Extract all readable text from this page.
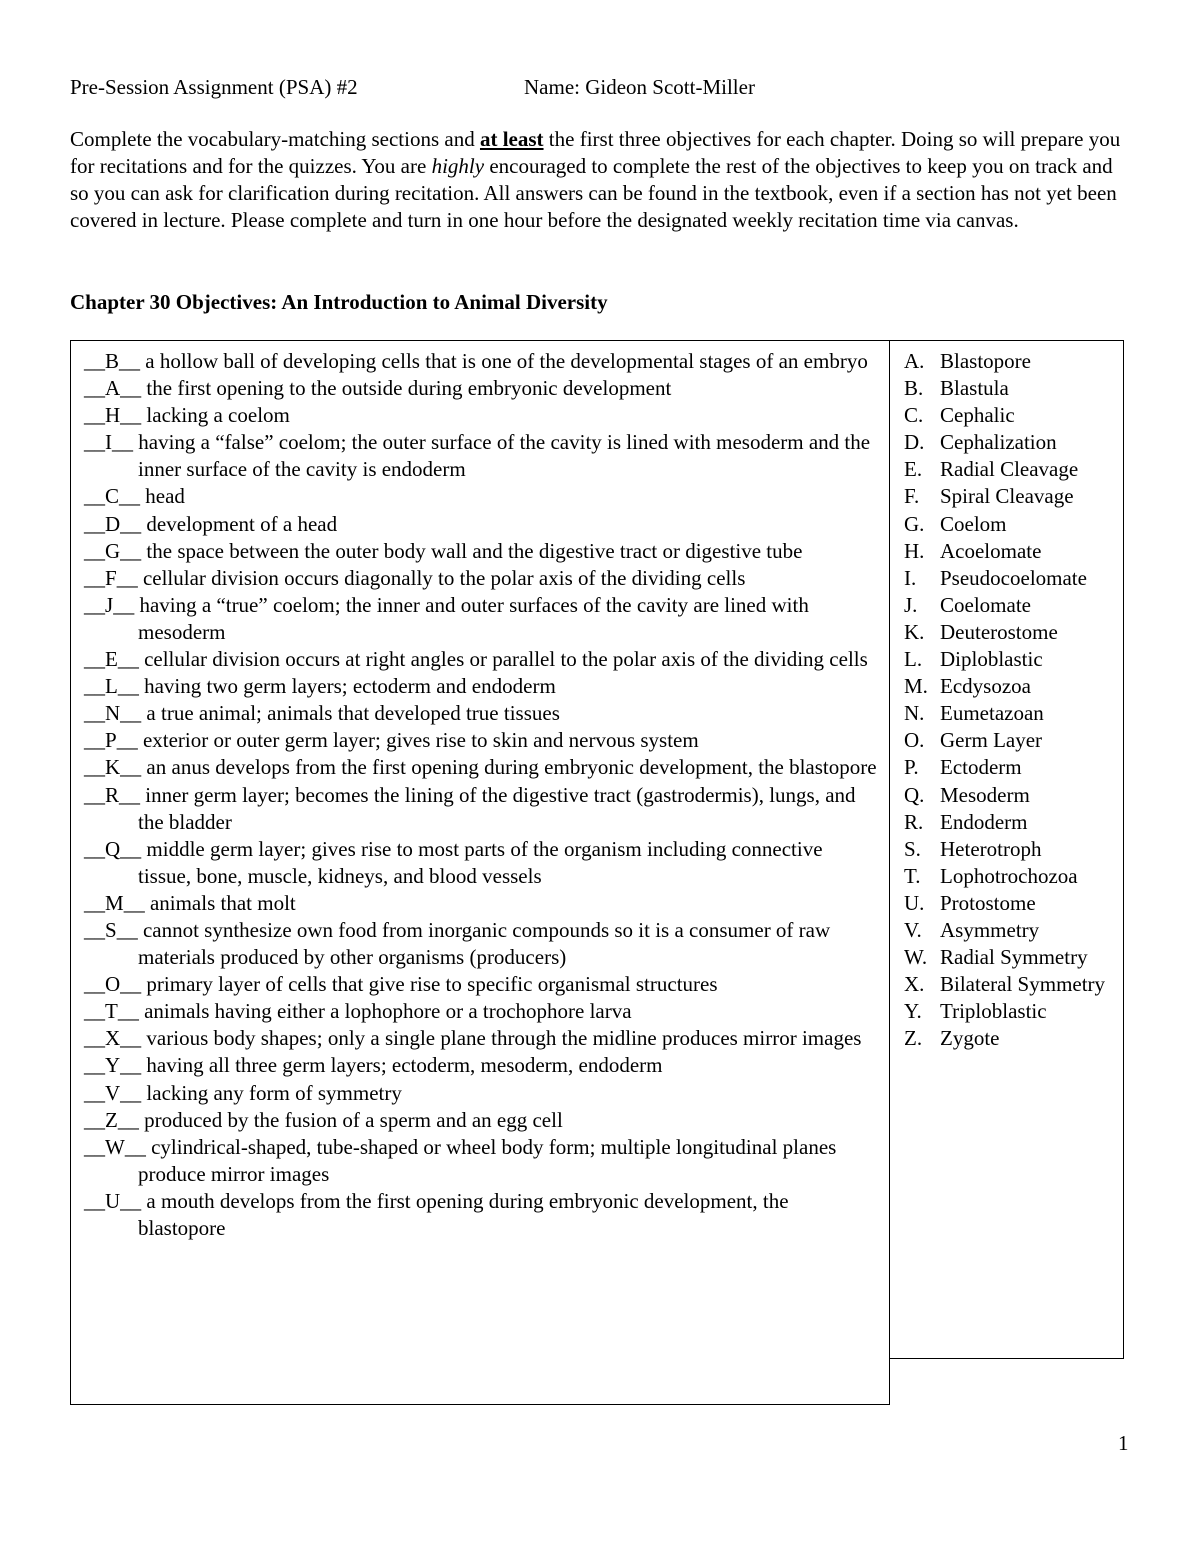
Pre-Session Assignment (PSA) #2	Name: Gideon Scott-Miller
Complete the vocabulary-matching sections and at least the first three objectives for each chapter. Doing so will prepare you for recitations and for the quizzes. You are highly encouraged to complete the rest of the objectives to keep you on track and so you can ask for clarification during recitation. All answers can be found in the textbook, even if a section has not yet been covered in lecture. Please complete and turn in one hour before the designated weekly recitation time via canvas.
Chapter 30 Objectives: An Introduction to Animal Diversity
__B__ a hollow ball of developing cells that is one of the developmental stages of an embryo
__A__ the first opening to the outside during embryonic development
__H__ lacking a coelom
__I__ having a “false” coelom; the outer surface of the cavity is lined with mesoderm and the inner surface of the cavity is endoderm
__C__ head
__D__ development of a head
__G__ the space between the outer body wall and the digestive tract or digestive tube
__F__ cellular division occurs diagonally to the polar axis of the dividing cells
__J__ having a “true” coelom; the inner and outer surfaces of the cavity are lined with mesoderm
__E__ cellular division occurs at right angles or parallel to the polar axis of the dividing cells
__L__ having two germ layers; ectoderm and endoderm
__N__ a true animal; animals that developed true tissues
__P__ exterior or outer germ layer; gives rise to skin and nervous system
__K__ an anus develops from the first opening during embryonic development, the blastopore
__R__ inner germ layer; becomes the lining of the digestive tract (gastrodermis), lungs, and the bladder
__Q__ middle germ layer; gives rise to most parts of the organism including connective tissue, bone, muscle, kidneys, and blood vessels
__M__ animals that molt
__S__ cannot synthesize own food from inorganic compounds so it is a consumer of raw materials produced by other organisms (producers)
__O__ primary layer of cells that give rise to specific organismal structures
__T__ animals having either a lophophore or a trochophore larva
__X__ various body shapes; only a single plane through the midline produces mirror images
__Y__ having all three germ layers; ectoderm, mesoderm, endoderm
__V__ lacking any form of symmetry
__Z__ produced by the fusion of a sperm and an egg cell
__W__ cylindrical-shaped, tube-shaped or wheel body form; multiple longitudinal planes produce mirror images
__U__ a mouth develops from the first opening during embryonic development, the blastopore
A. Blastopore
B. Blastula
C. Cephalic
D. Cephalization
E. Radial Cleavage
F. Spiral Cleavage
G. Coelom
H. Acoelomate
I. Pseudocoelomate
J. Coelomate
K. Deuterostome
L. Diploblastic
M. Ecdysozoa
N. Eumetazoan
O. Germ Layer
P. Ectoderm
Q. Mesoderm
R. Endoderm
S. Heterotroph
T. Lophotrochozoa
U. Protostome
V. Asymmetry
W. Radial Symmetry
X. Bilateral Symmetry
Y. Triploblastic
Z. Zygote
1
